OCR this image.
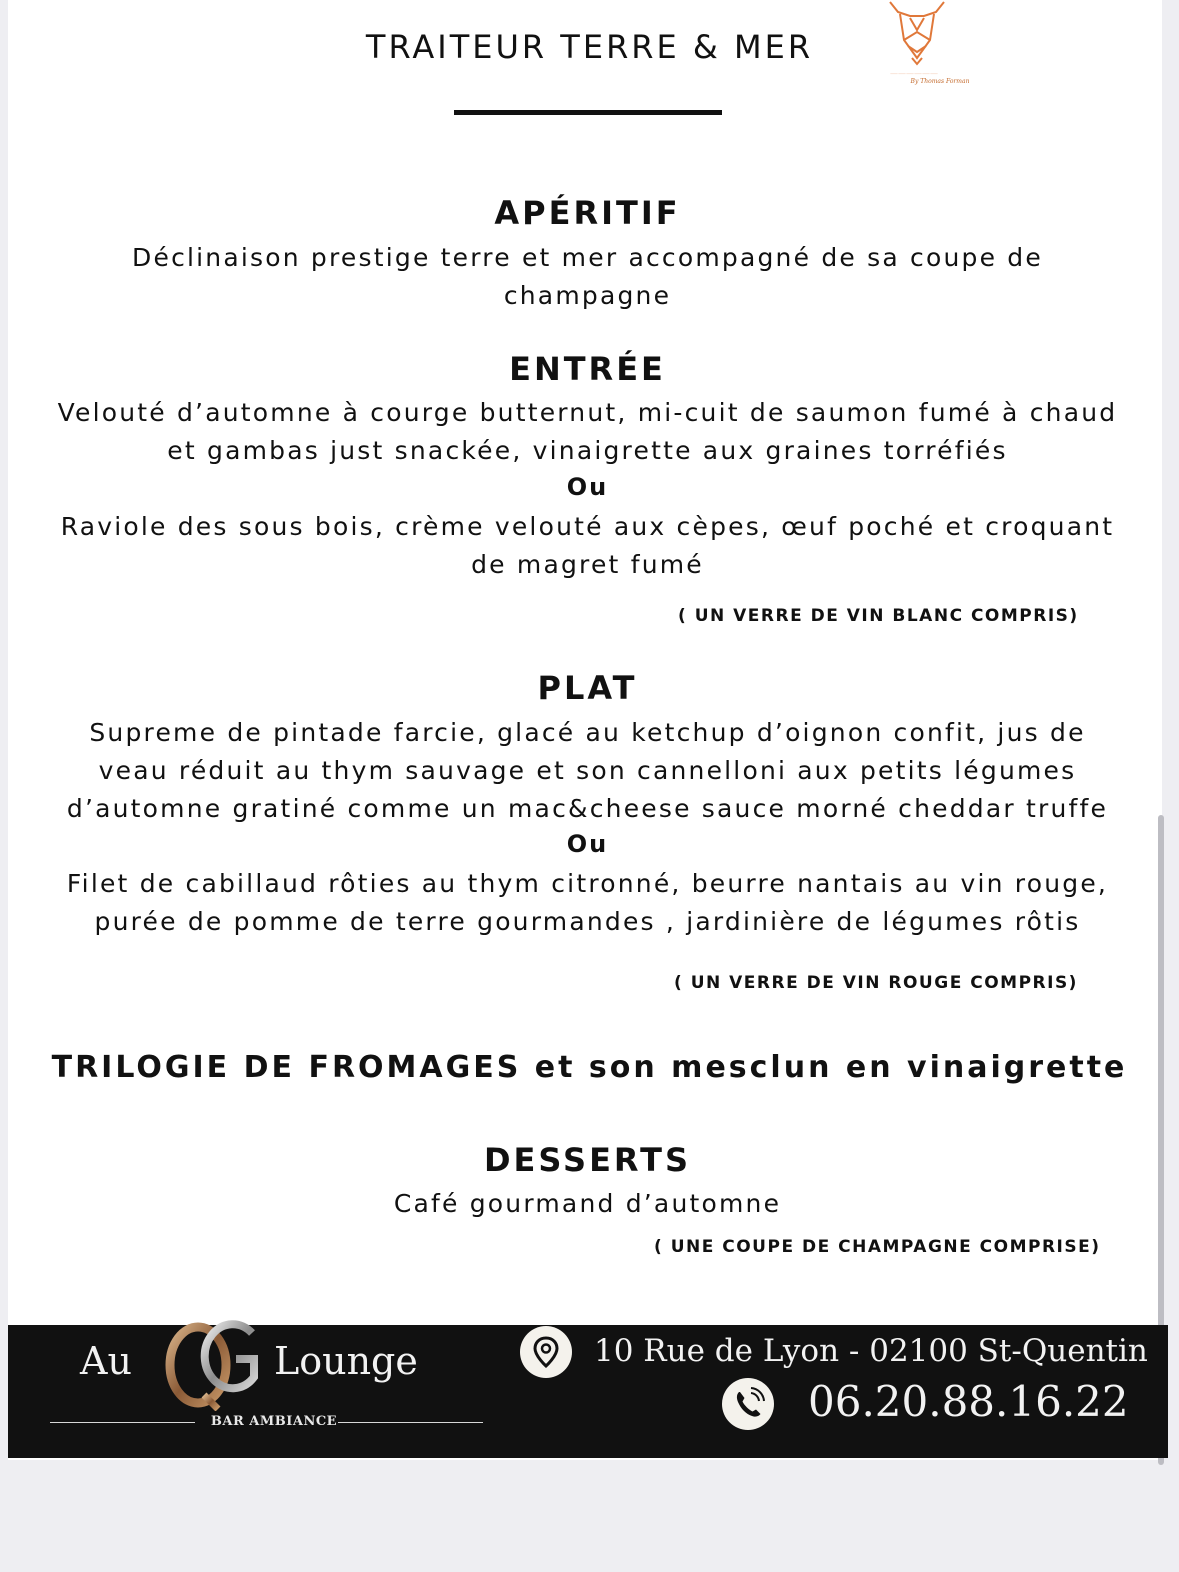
TRAITEUR TERRE & MER
——————
By Thomas Forman
APÉRITIF
Déclinaison prestige terre et mer accompagné de sa coupe de
champagne
ENTRÉE
Velouté d’automne à courge butternut, mi-cuit de saumon fumé à chaud
et gambas just snackée, vinaigrette aux graines torréfiés
Ou
Raviole des sous bois, crème velouté aux cèpes, œuf poché et croquant
de magret fumé
( UN VERRE DE VIN BLANC COMPRIS)
PLAT
Supreme de pintade farcie, glacé au ketchup d’oignon confit, jus de
veau réduit au thym sauvage et son cannelloni aux petits légumes
d’automne gratiné comme un mac&cheese sauce morné cheddar truffe
Ou
Filet de cabillaud rôties au thym citronné, beurre nantais au vin rouge,
purée de pomme de terre gourmandes , jardinière de légumes rôtis
( UN VERRE DE VIN ROUGE COMPRIS)
TRILOGIE DE FROMAGES et son mesclun en vinaigrette
DESSERTS
Café gourmand d’automne
( UNE COUPE DE CHAMPAGNE COMPRISE)
Au	Lounge
BAR AMBIANCE
10 Rue de Lyon - 02100 St-Quentin
06.20.88.16.22
